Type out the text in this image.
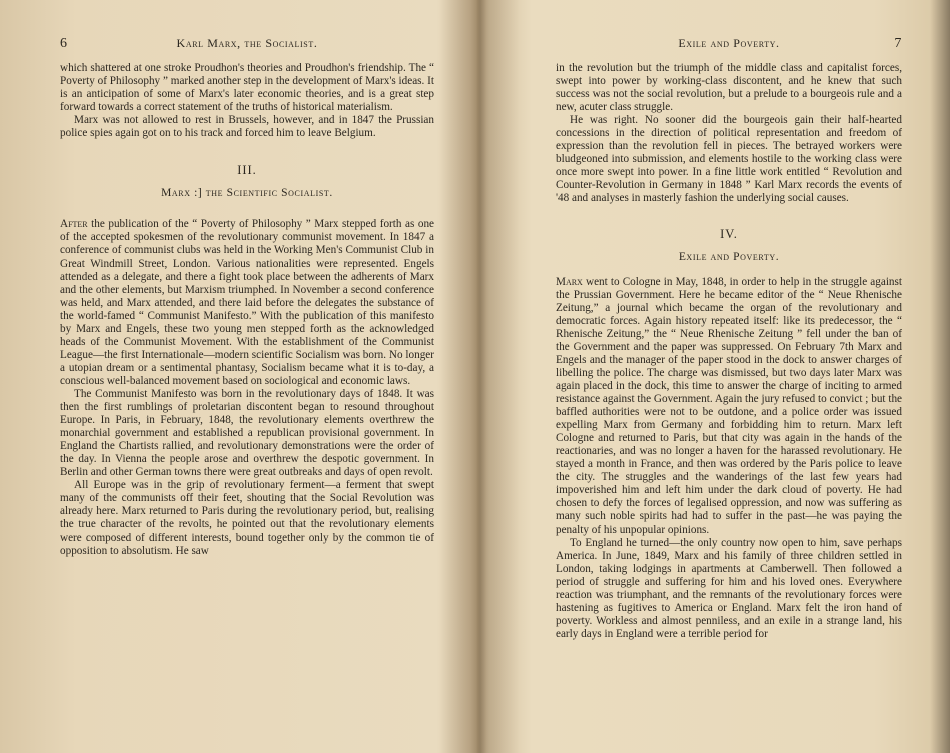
6	Karl Marx, the Socialist.

which shattered at one stroke Proudhon's theories and Proudhon's friendship. The “ Poverty of Philosophy ” marked another step in the development of Marx's ideas. It is an anticipation of some of Marx's later economic theories, and is a great step forward towards a correct statement of the truths of historical materialism.

Marx was not allowed to rest in Brussels, however, and in 1847 the Prussian police spies again got on to his track and forced him to leave Belgium.

III.
Marx :] the Scientific Socialist.

After the publication of the “ Poverty of Philosophy ” Marx stepped forth as one of the accepted spokesmen of the revolutionary communist movement. In 1847 a conference of communist clubs was held in the Working Men's Communist Club in Great Windmill Street, London. Various nationalities were represented. Engels attended as a delegate, and there a fight took place between the adherents of Marx and the other elements, but Marxism triumphed. In November a second conference was held, and Marx attended, and there laid before the delegates the substance of the world-famed “ Communist Manifesto.” With the publication of this manifesto by Marx and Engels, these two young men stepped forth as the acknowledged heads of the Communist Movement. With the establishment of the Communist League—the first Internationale—modern scientific Socialism was born. No longer a utopian dream or a sentimental phantasy, Socialism became what it is to-day, a conscious well-balanced movement based on sociological and economic laws.

The Communist Manifesto was born in the revolutionary days of 1848. It was then the first rumblings of proletarian discontent began to resound throughout Europe. In Paris, in February, 1848, the revolutionary elements overthrew the monarchial government and established a republican provisional government. In England the Chartists rallied, and revolutionary demonstrations were the order of the day. In Vienna the people arose and overthrew the despotic government. In Berlin and other German towns there were great outbreaks and days of open revolt.

All Europe was in the grip of revolutionary ferment—a ferment that swept many of the communists off their feet, shouting that the Social Revolution was already here. Marx returned to Paris during the revolutionary period, but, realising the true character of the revolts, he pointed out that the revolutionary elements were composed of different interests, bound together only by the common tie of opposition to absolutism. He saw

Exile and Poverty.	7

in the revolution but the triumph of the middle class and capitalist forces, swept into power by working-class discontent, and he knew that such success was not the social revolution, but a prelude to a bourgeois rule and a new, acuter class struggle.

He was right. No sooner did the bourgeois gain their half-hearted concessions in the direction of political representation and freedom of expression than the revolution fell in pieces. The betrayed workers were bludgeoned into submission, and elements hostile to the working class were once more swept into power. In a fine little work entitled “ Revolution and Counter-Revolution in Germany in 1848 ” Karl Marx records the events of '48 and analyses in masterly fashion the underlying social causes.

IV.
Exile and Poverty.

Marx went to Cologne in May, 1848, in order to help in the struggle against the Prussian Government. Here he became editor of the “ Neue Rhenische Zeitung,” a journal which became the organ of the revolutionary and democratic forces. Again history repeated itself: like its predecessor, the “ Rhenische Zeitung,” the “ Neue Rhenische Zeitung ” fell under the ban of the Government and the paper was suppressed. On February 7th Marx and Engels and the manager of the paper stood in the dock to answer charges of libelling the police. The charge was dismissed, but two days later Marx was again placed in the dock, this time to answer the charge of inciting to armed resistance against the Government. Again the jury refused to convict ; but the baffled authorities were not to be outdone, and a police order was issued expelling Marx from Germany and forbidding him to return. Marx left Cologne and returned to Paris, but that city was again in the hands of the reactionaries, and was no longer a haven for the harassed revolutionary. He stayed a month in France, and then was ordered by the Paris police to leave the city. The struggles and the wanderings of the last few years had impoverished him and left him under the dark cloud of poverty. He had chosen to defy the forces of legalised oppression, and now was suffering as many such noble spirits had had to suffer in the past—he was paying the penalty of his unpopular opinions.

To England he turned—the only country now open to him, save perhaps America. In June, 1849, Marx and his family of three children settled in London, taking lodgings in apartments at Camberwell. Then followed a period of struggle and suffering for him and his loved ones. Everywhere reaction was triumphant, and the remnants of the revolutionary forces were hastening as fugitives to America or England. Marx felt the iron hand of poverty. Workless and almost penniless, and an exile in a strange land, his early days in England were a terrible period for
